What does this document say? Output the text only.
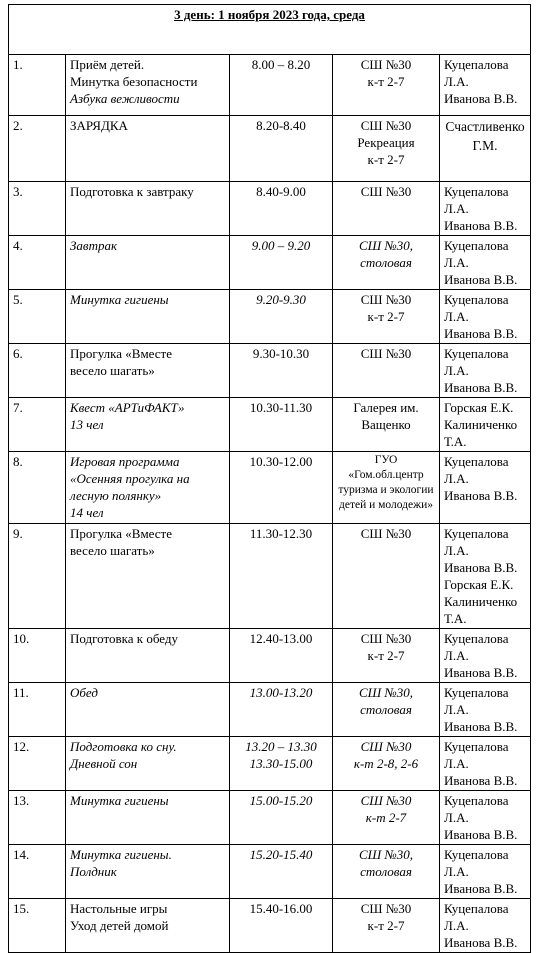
3 день: 1 ноября 2023 года, среда				
1.	Приём детей.
Минутка безопасности
Азбука вежливости	8.00 – 8.20	СШ №30
к-т 2-7	Куцепалова Л.А.
Иванова В.В.

2.	ЗАРЯДКА	8.20-8.40	СШ №30
Рекреация
к-т 2-7	Счастливенко
Г.М.

3.	Подготовка к завтраку	8.40-9.00	СШ №30	Куцепалова Л.А.
Иванова В.В.

4.	Завтрак	9.00 – 9.20	СШ №30,
столовая	Куцепалова Л.А.
Иванова В.В.

5.	Минутка гигиены	9.20-9.30	СШ №30
к-т 2-7	Куцепалова Л.А.
Иванова В.В.

6.	Прогулка «Вместе
весело шагать»	9.30-10.30	СШ №30	Куцепалова Л.А.
Иванова В.В.

7.	Квест «АРТиФАКТ»
13 чел	10.30-11.30	Галерея им.
Ващенко	Горская Е.К.
Калиниченко
Т.А.

8.	Игровая программа
«Осенняя прогулка на
лесную полянку»
14 чел	10.30-12.00	ГУО
«Гом.обл.центр
туризма и экологии
детей и молодежи»	Куцепалова Л.А.
Иванова В.В.

9.	Прогулка «Вместе
весело шагать»	11.30-12.30	СШ №30	Куцепалова Л.А.
Иванова В.В.
Горская Е.К.
Калиниченко
Т.А.

10.	Подготовка к обеду	12.40-13.00	СШ №30
к-т 2-7	Куцепалова Л.А.
Иванова В.В.

11.	Обед	13.00-13.20	СШ №30,
столовая	Куцепалова Л.А.
Иванова В.В.

12.	Подготовка ко сну.
Дневной сон	13.20 – 13.30
13.30-15.00	СШ №30
к-т 2-8, 2-6	Куцепалова Л.А.
Иванова В.В.

13.	Минутка гигиены	15.00-15.20	СШ №30
к-т 2-7	Куцепалова Л.А.
Иванова В.В.

14.	Минутка гигиены.
Полдник	15.20-15.40	СШ №30,
столовая	Куцепалова Л.А.
Иванова В.В.

15.	Настольные игры
Уход детей домой	15.40-16.00	СШ №30
к-т 2-7	Куцепалова Л.А.
Иванова В.В.
